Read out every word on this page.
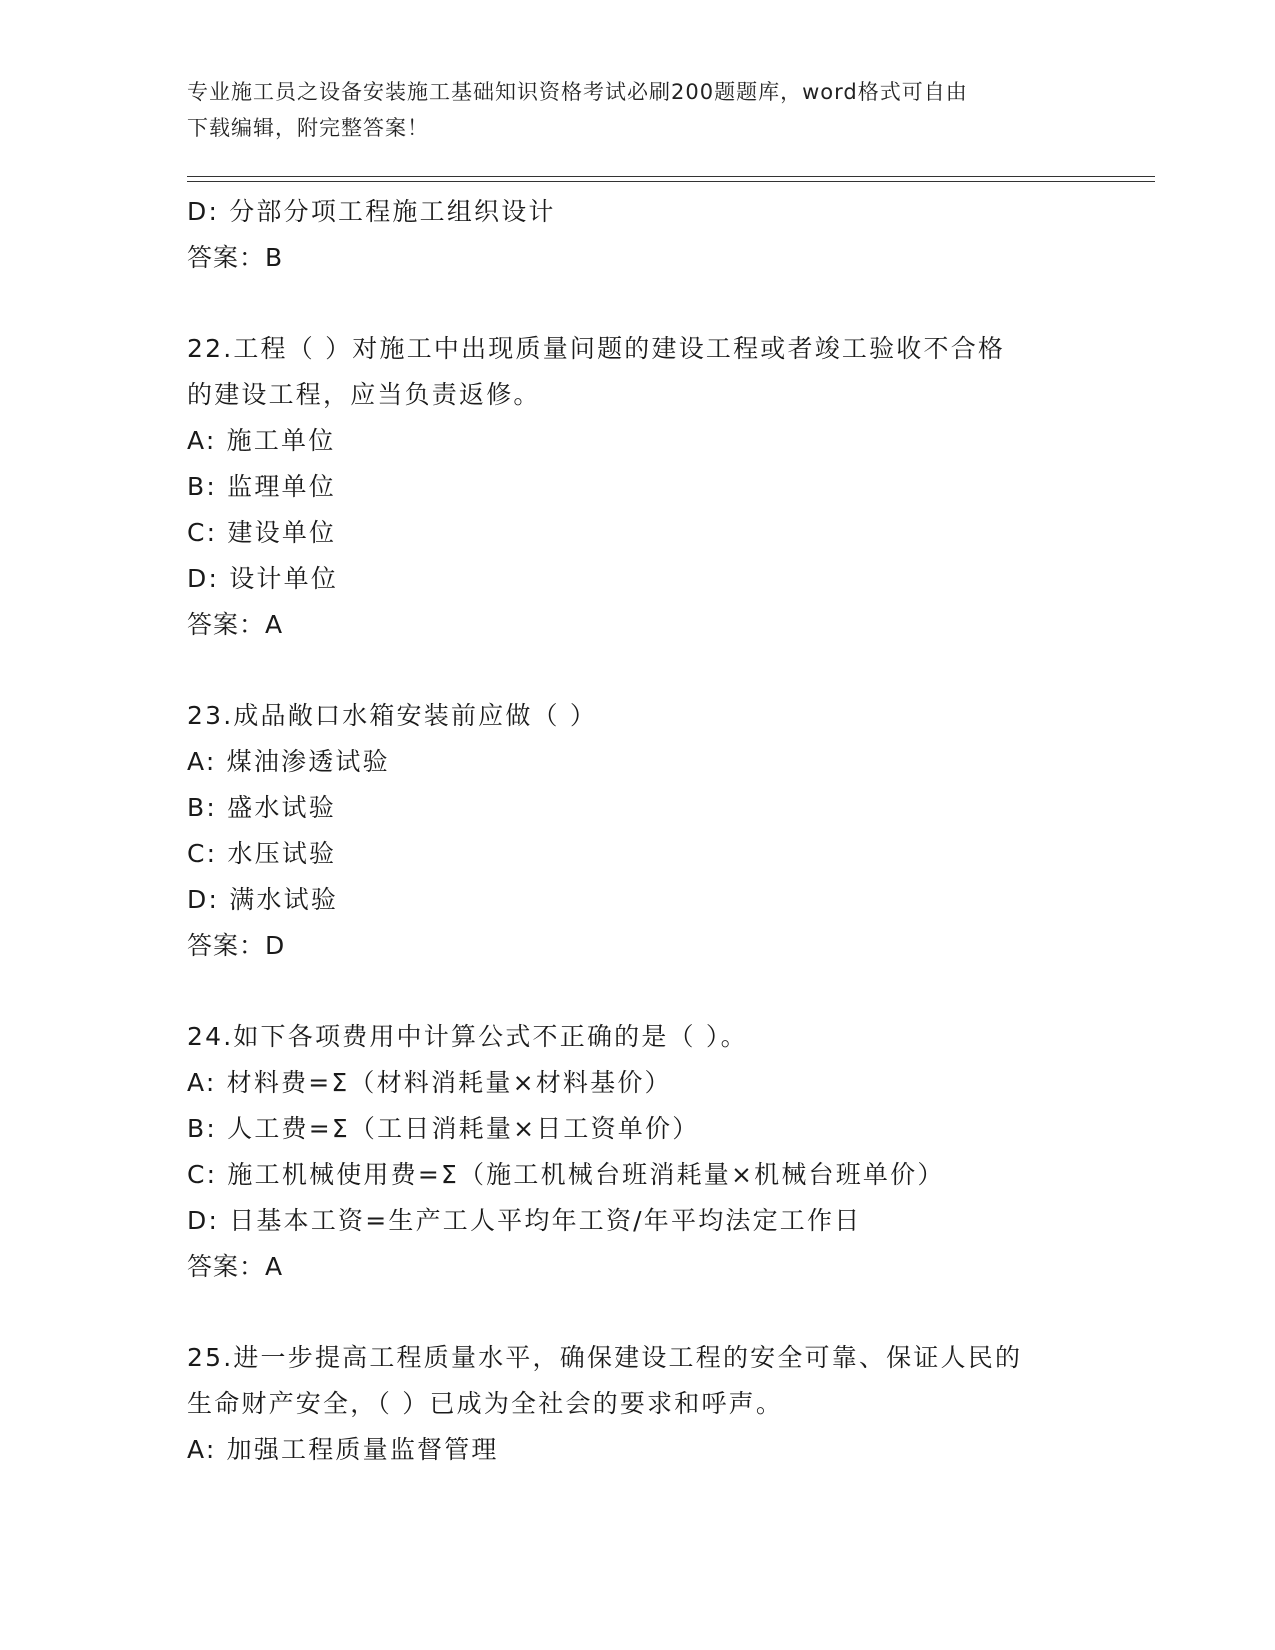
专业施工员之设备安装施工基础知识资格考试必刷200题题库，word格式可自由
下载编辑，附完整答案！
D: 分部分项工程施工组织设计
答案：B
22.工程（ ）对施工中出现质量问题的建设工程或者竣工验收不合格
的建设工程，应当负责返修。
A: 施工单位
B: 监理单位
C: 建设单位
D: 设计单位
答案：A
23.成品敞口水箱安装前应做（ ）
A: 煤油渗透试验
B: 盛水试验
C: 水压试验
D: 满水试验
答案：D
24.如下各项费用中计算公式不正确的是（ ）。
A: 材料费=Σ（材料消耗量×材料基价）
B: 人工费=Σ（工日消耗量×日工资单价）
C: 施工机械使用费=Σ（施工机械台班消耗量×机械台班单价）
D: 日基本工资=生产工人平均年工资/年平均法定工作日
答案：A
25.进一步提高工程质量水平，确保建设工程的安全可靠、保证人民的
生命财产安全，（ ）已成为全社会的要求和呼声。
A: 加强工程质量监督管理
